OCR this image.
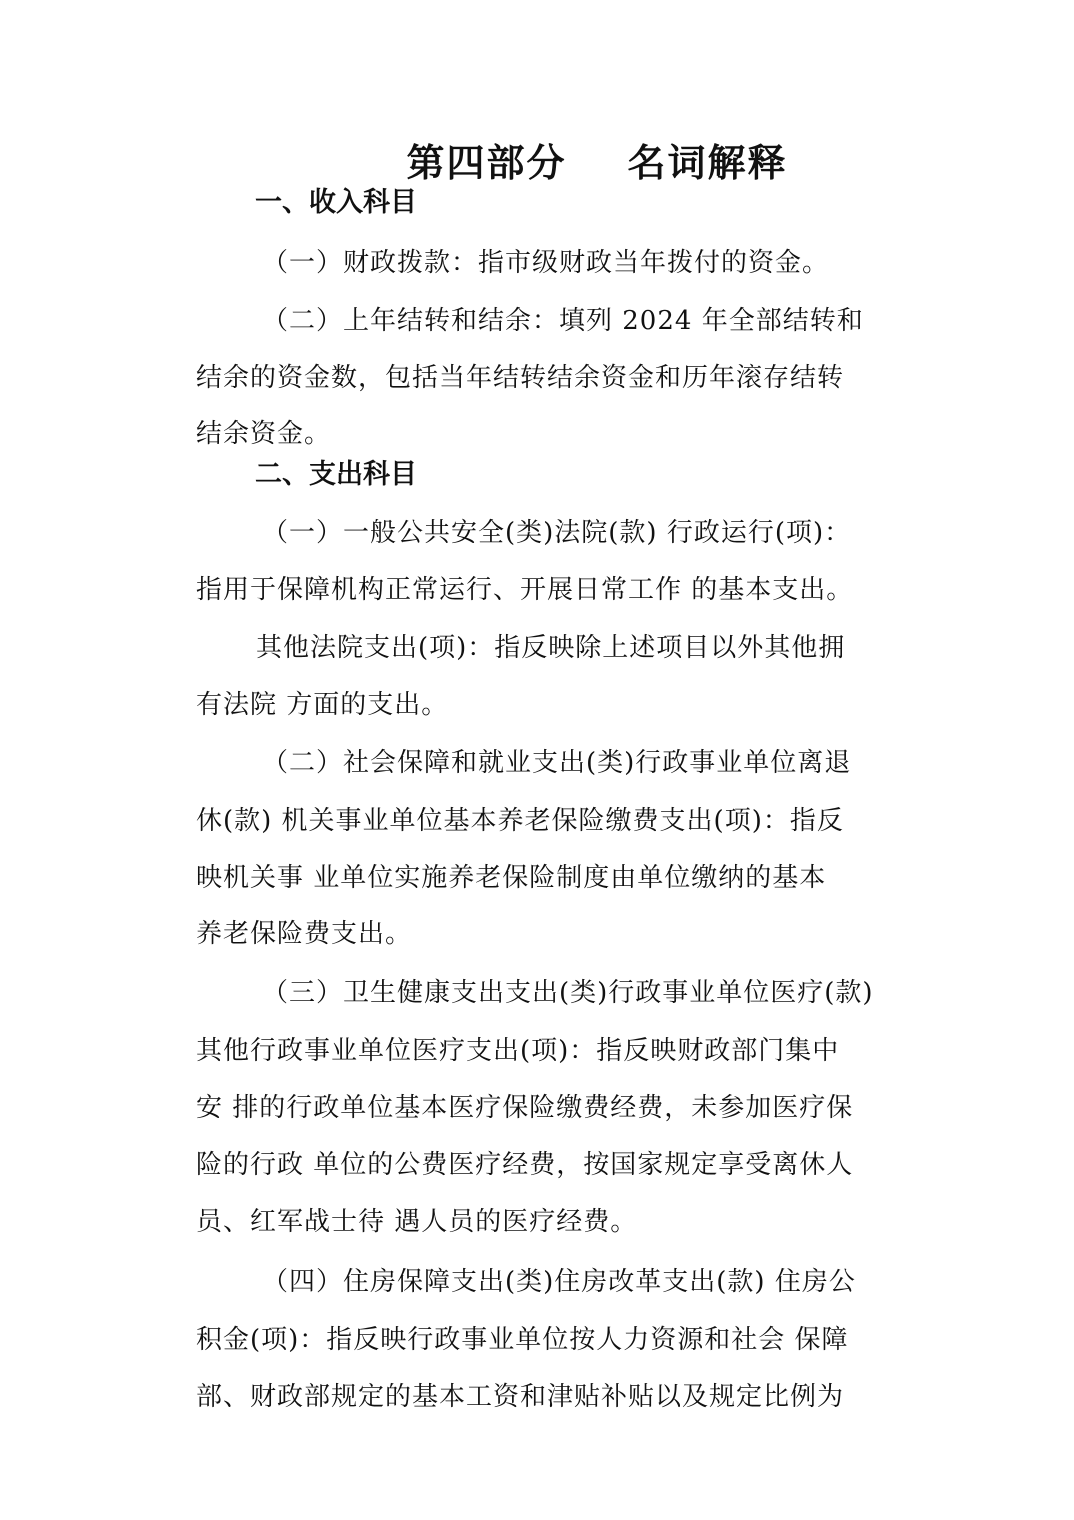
第四部分    名词解释
一、收入科目

（一）财政拨款：指市级财政当年拨付的资金。

（二）上年结转和结余：填列 2024 年全部结转和

结余的资金数，包括当年结转结余资金和历年滚存结转

结余资金。

二、支出科目

（一）一般公共安全(类)法院(款) 行政运行(项)：

指用于保障机构正常运行、开展日常工作 的基本支出。

其他法院支出(项)：指反映除上述项目以外其他拥

有法院 方面的支出。

（二）社会保障和就业支出(类)行政事业单位离退

休(款) 机关事业单位基本养老保险缴费支出(项)：指反

映机关事 业单位实施养老保险制度由单位缴纳的基本

养老保险费支出。

（三）卫生健康支出支出(类)行政事业单位医疗(款)

其他行政事业单位医疗支出(项)：指反映财政部门集中

安 排的行政单位基本医疗保险缴费经费，未参加医疗保

险的行政 单位的公费医疗经费，按国家规定享受离休人

员、红军战士待 遇人员的医疗经费。

（四）住房保障支出(类)住房改革支出(款) 住房公

积金(项)：指反映行政事业单位按人力资源和社会 保障

部、财政部规定的基本工资和津贴补贴以及规定比例为
